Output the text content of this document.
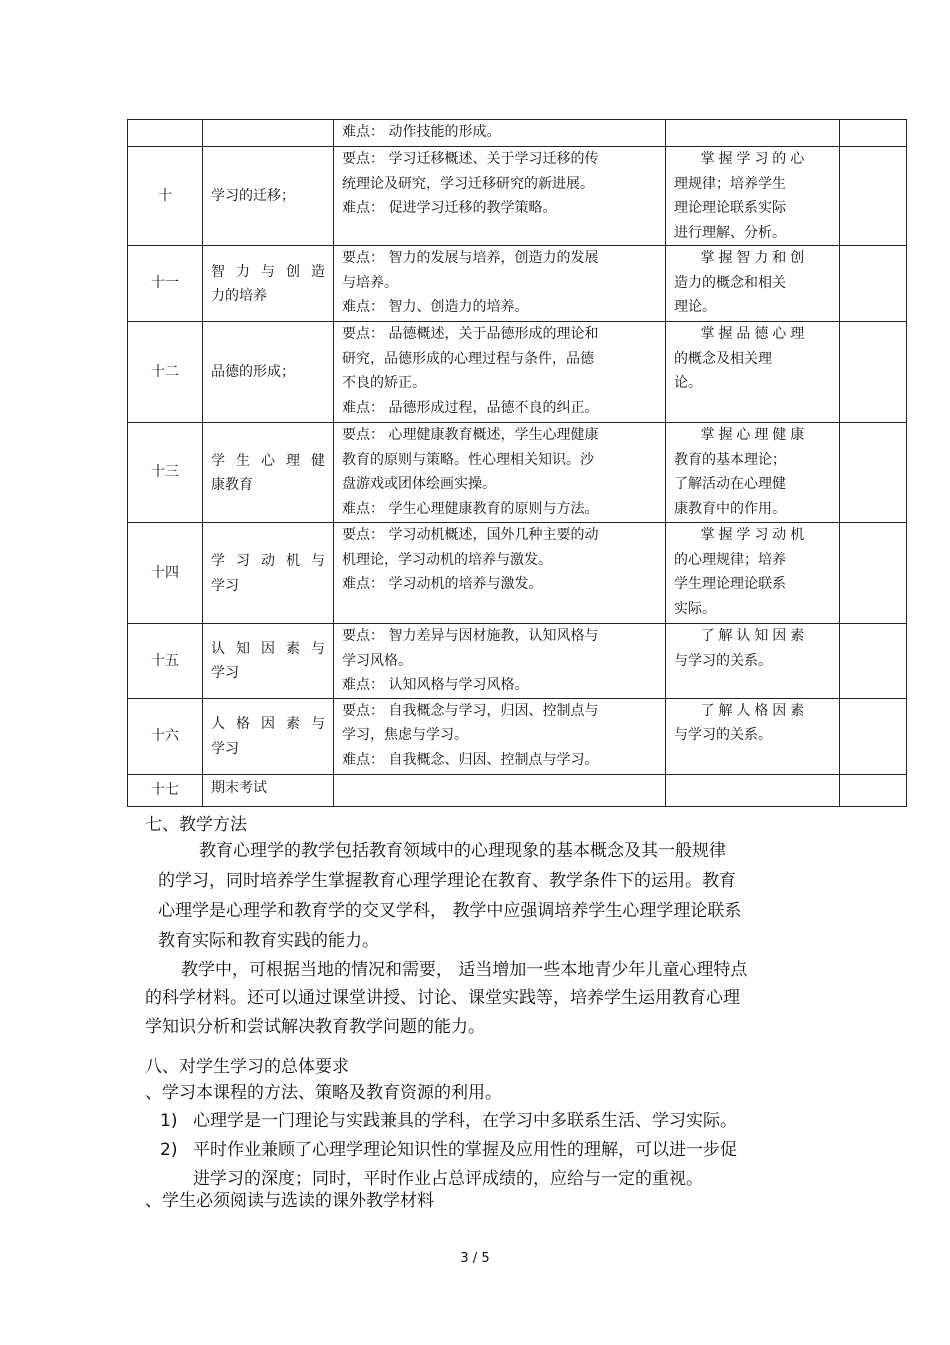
		难点： 动作技能的形成。		

十	学习的迁移；	要点： 学习迁移概述、关于学习迁移的传
统理论及研究，学习迁移研究的新进展。
难点： 促进学习迁移的教学策略。	掌握学习的心
理规律；培养学生
理论理论联系实际
进行理解、分析。	

十一	智力与创造
力的培养	要点： 智力的发展与培养，创造力的发展
与培养。
难点： 智力、创造力的培养。	掌握智力和创
造力的概念和相关
理论。	

十二	品德的形成；	要点： 品德概述，关于品德形成的理论和
研究，品德形成的心理过程与条件，品德
不良的矫正。
难点： 品德形成过程，品德不良的纠正。	掌握品德心理
的概念及相关理
论。	

十三	学生心理健
康教育	要点： 心理健康教育概述，学生心理健康
教育的原则与策略。性心理相关知识。沙
盘游戏或团体绘画实操。
难点： 学生心理健康教育的原则与方法。	掌握心理健康
教育的基本理论；
了解活动在心理健
康教育中的作用。	

十四	学习动机与
学习	要点： 学习动机概述，国外几种主要的动
机理论，学习动机的培养与激发。
难点： 学习动机的培养与激发。	掌握学习动机
的心理规律；培养
学生理论理论联系
实际。	

十五	认知因素与
学习	要点： 智力差异与因材施教，认知风格与
学习风格。
难点： 认知风格与学习风格。	了解认知因素
与学习的关系。	

十六	人格因素与
学习	要点： 自我概念与学习，归因、控制点与
学习，焦虑与学习。
难点： 自我概念、归因、控制点与学习。	了解人格因素
与学习的关系。	

十七	期末考试			

七、教学方法
教育心理学的教学包括教育领域中的心理现象的基本概念及其一般规律
的学习，同时培养学生掌握教育心理学理论在教育、教学条件下的运用。教育
心理学是心理学和教育学的交叉学科， 教学中应强调培养学生心理学理论联系
教育实际和教育实践的能力。
教学中，可根据当地的情况和需要， 适当增加一些本地青少年儿童心理特点
的科学材料。还可以通过课堂讲授、讨论、课堂实践等，培养学生运用教育心理
学知识分析和尝试解决教育教学问题的能力。
八、对学生学习的总体要求
、学习本课程的方法、策略及教育资源的利用。
1) 心理学是一门理论与实践兼具的学科，在学习中多联系生活、学习实际。
2) 平时作业兼顾了心理学理论知识性的掌握及应用性的理解，可以进一步促
进学习的深度；同时，平时作业占总评成绩的，应给与一定的重视。
、学生必须阅读与选读的课外教学材料
3 / 5
